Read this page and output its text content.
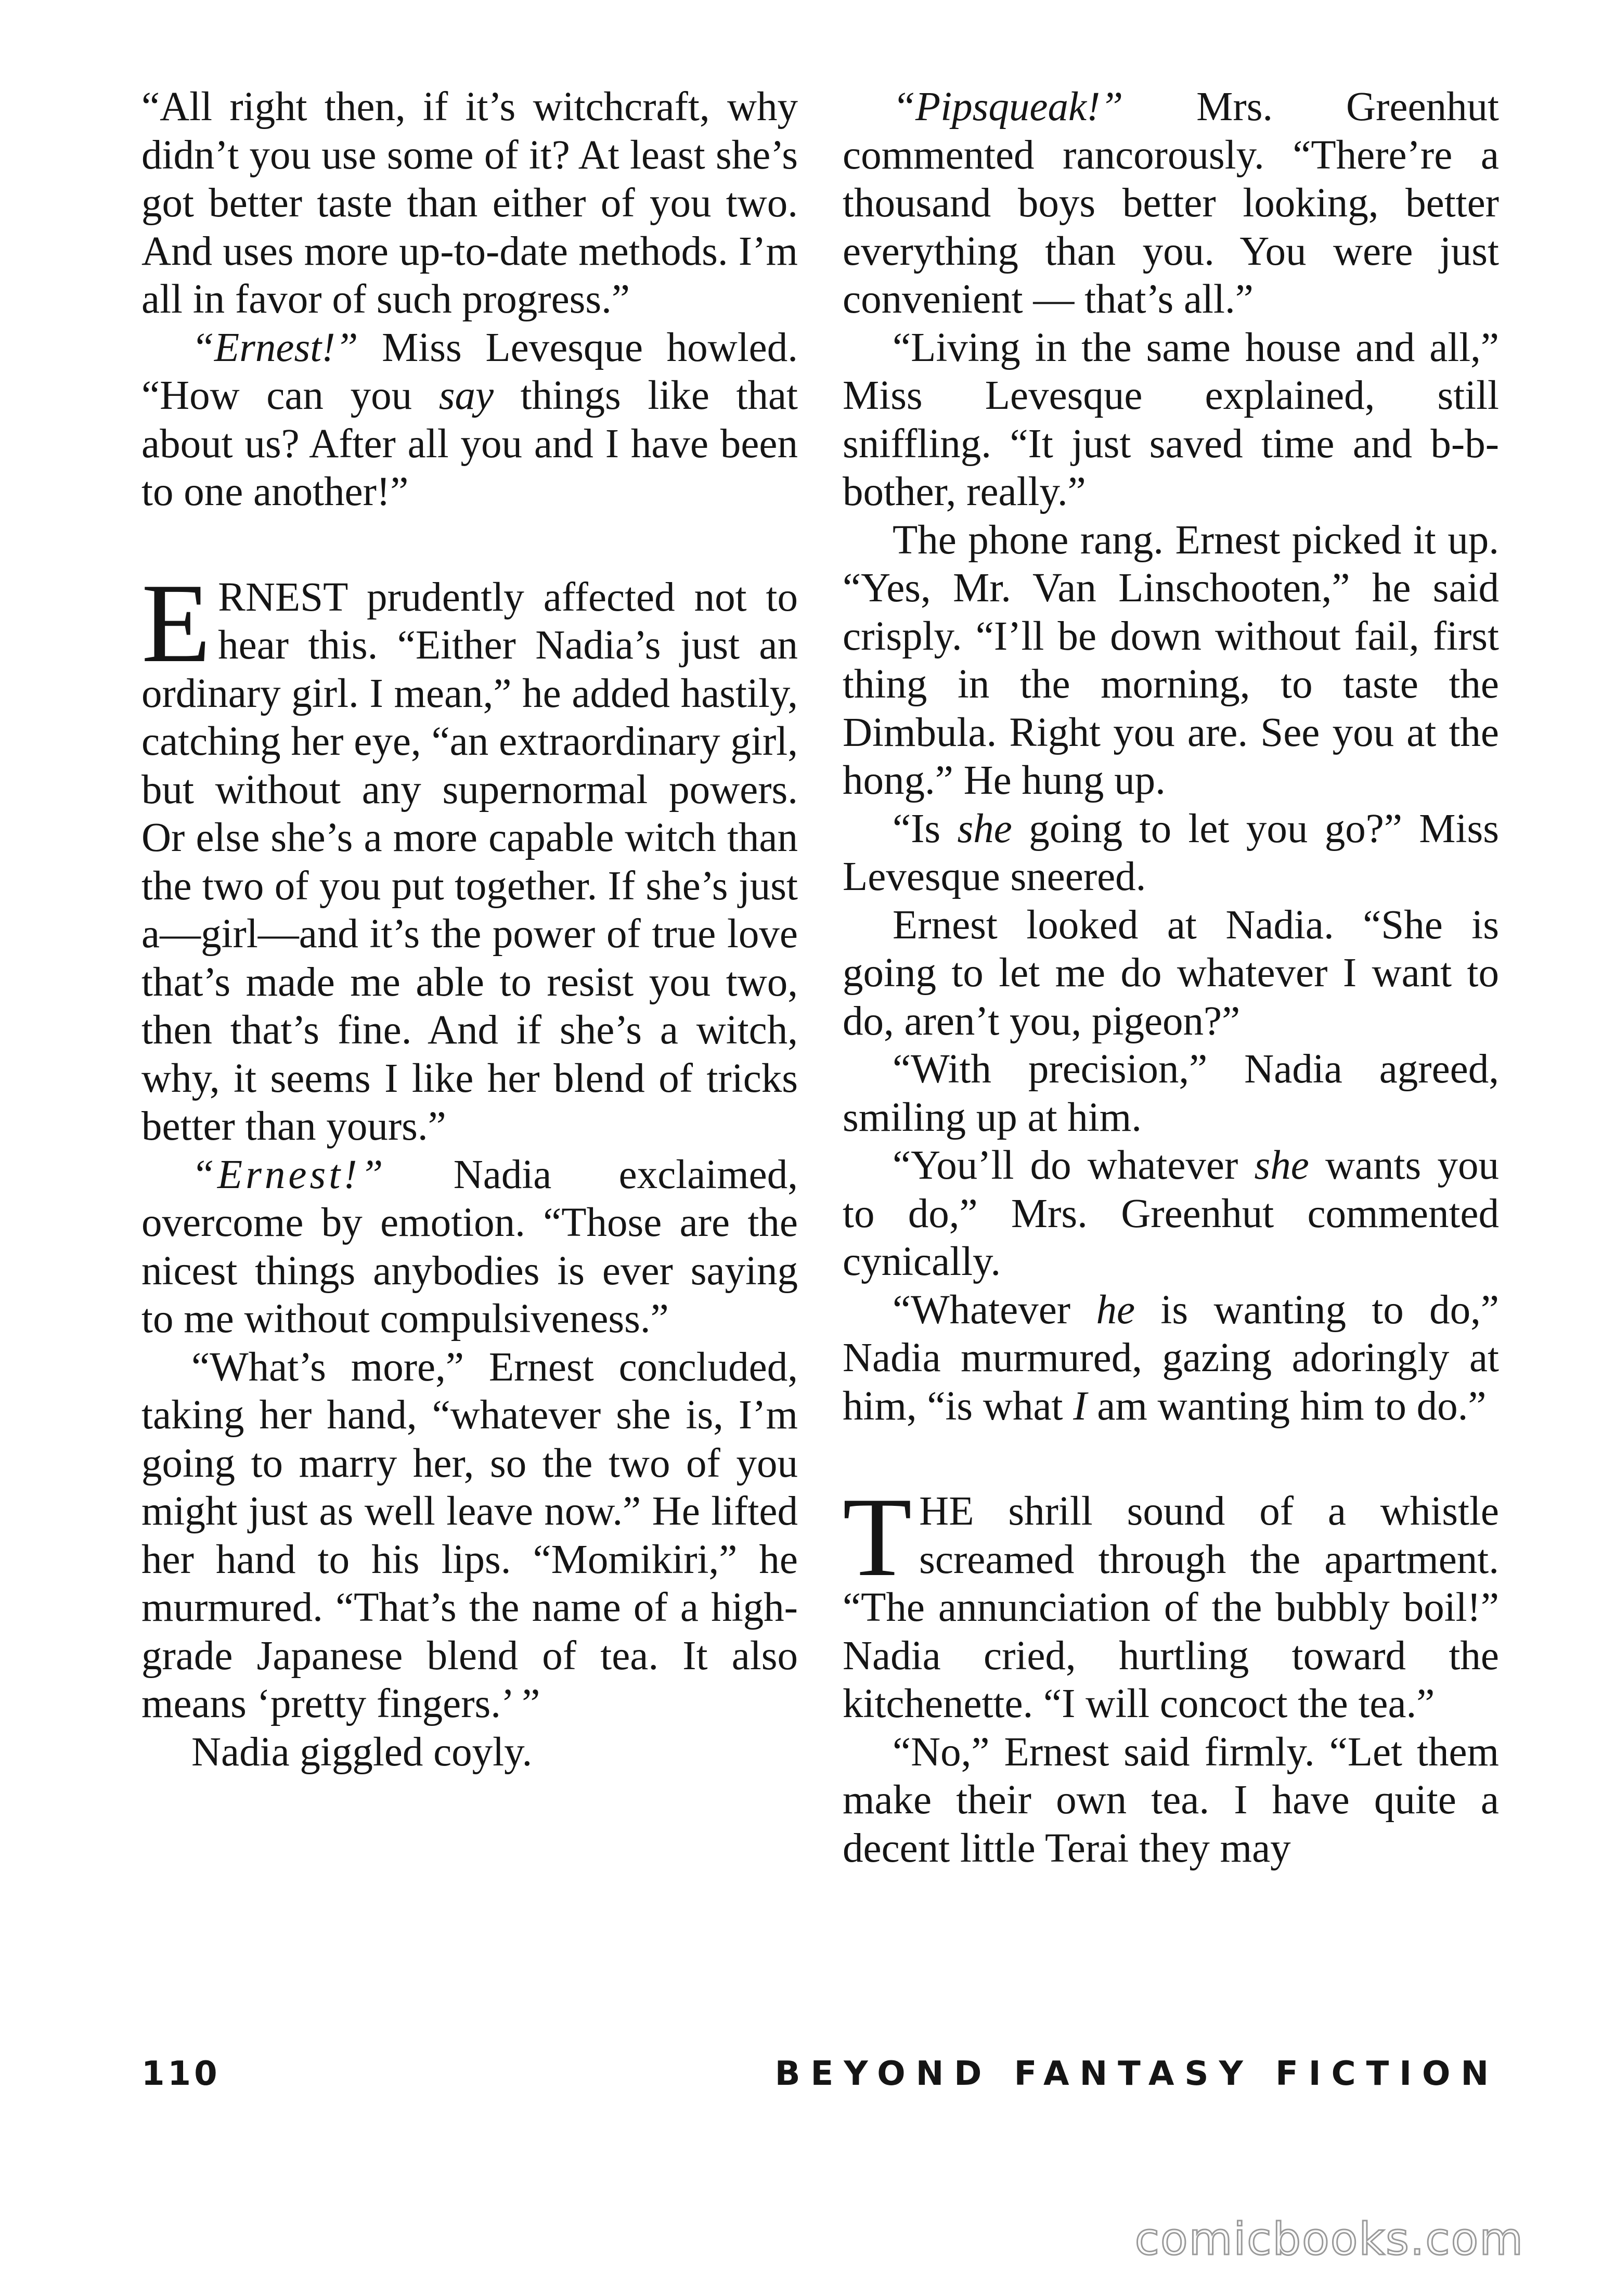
“All right then, if it’s witchcraft, why didn’t you use some of it? At least she’s got better taste than either of you two. And uses more up-to-date methods. I’m all in favor of such progress.”

“Ernest!” Miss Levesque howled. “How can you say things like that about us? After all you and I have been to one another!”

ERNEST prudently affected not to hear this. “Either Nadia’s just an ordinary girl. I mean,” he added hastily, catching her eye, “an extraordinary girl, but without any supernormal powers. Or else she’s a more capable witch than the two of you put together. If she’s just a—girl—and it’s the power of true love that’s made me able to resist you two, then that’s fine. And if she’s a witch, why, it seems I like her blend of tricks better than yours.”

“Ernest!” Nadia exclaimed, overcome by emotion. “Those are the nicest things anybodies is ever saying to me without compulsiveness.”

“What’s more,” Ernest concluded, taking her hand, “whatever she is, I’m going to marry her, so the two of you might just as well leave now.” He lifted her hand to his lips. “Momikiri,” he murmured. “That’s the name of a high-grade Japanese blend of tea. It also means ‘pretty fingers.’ ”

Nadia giggled coyly.

“Pipsqueak!” Mrs. Greenhut commented rancorously. “There’re a thousand boys better looking, better everything than you. You were just convenient — that’s all.”

“Living in the same house and all,” Miss Levesque explained, still sniffling. “It just saved time and b-b-bother, really.”

The phone rang. Ernest picked it up. “Yes, Mr. Van Linschooten,” he said crisply. “I’ll be down without fail, first thing in the morning, to taste the Dimbula. Right you are. See you at the hong.” He hung up.

“Is she going to let you go?” Miss Levesque sneered.

Ernest looked at Nadia. “She is going to let me do whatever I want to do, aren’t you, pigeon?”

“With precision,” Nadia agreed, smiling up at him.

“You’ll do whatever she wants you to do,” Mrs. Greenhut commented cynically.

“Whatever he is wanting to do,” Nadia murmured, gazing adoringly at him, “is what I am wanting him to do.”

THE shrill sound of a whistle screamed through the apartment. “The annunciation of the bubbly boil!” Nadia cried, hurtling toward the kitchenette. “I will concoct the tea.”

“No,” Ernest said firmly. “Let them make their own tea. I have quite a decent little Terai they may

110	BEYOND FANTASY FICTION
comicbooks.com
